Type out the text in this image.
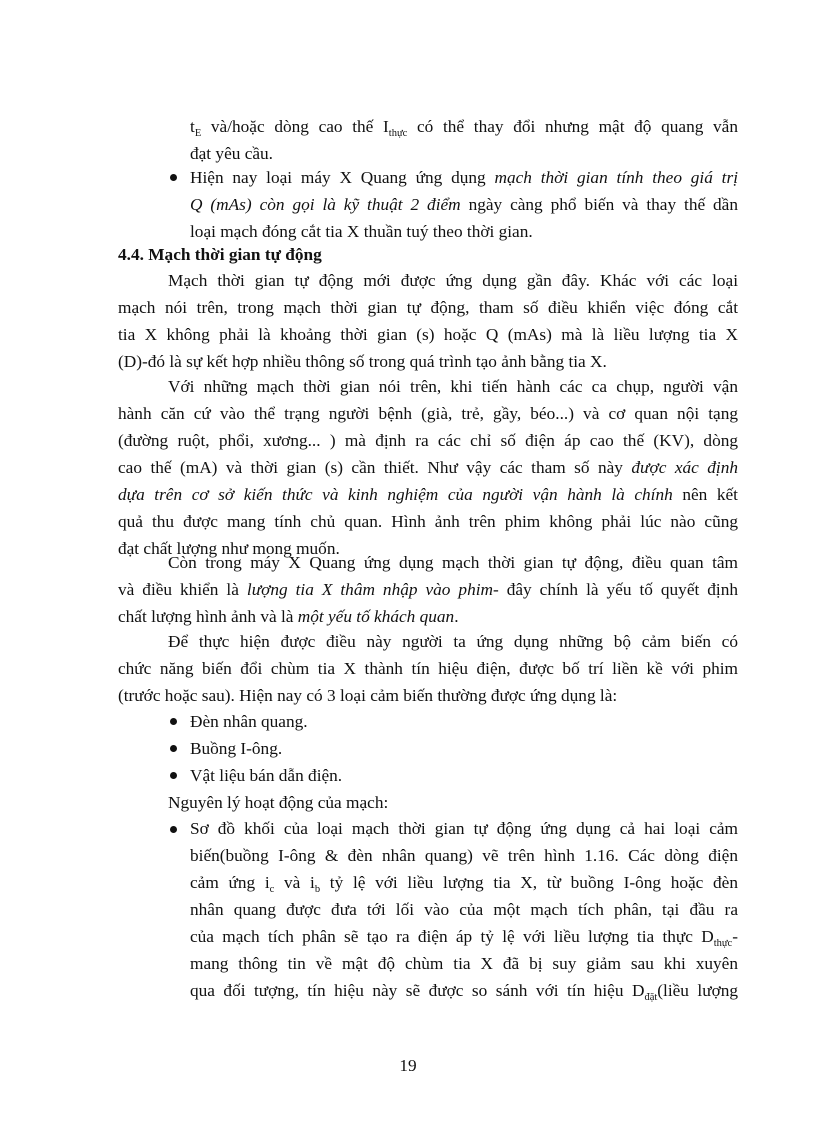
$t_E$ và/hoặc dòng cao thế $I_{thực}$ có thể thay đổi nhưng mật độ quang vẫn
đạt yêu cầu.

Hiện nay loại máy X Quang ứng dụng mạch thời gian tính theo giá trị
Q (mAs) còn gọi là kỹ thuật 2 điểm ngày càng phổ biến và thay thế dần
loại mạch đóng cắt tia X thuần tuý theo thời gian.

4.4. Mạch thời gian tự động

Mạch thời gian tự động mới được ứng dụng gần đây. Khác với các loại
mạch nói trên, trong mạch thời gian tự động, tham số điều khiển việc đóng cắt
tia X không phải là khoảng thời gian (s) hoặc Q (mAs) mà là liều lượng tia X
(D)-đó là sự kết hợp nhiều thông số trong quá trình tạo ảnh bằng tia X.

Với những mạch thời gian nói trên, khi tiến hành các ca chụp, người vận
hành căn cứ vào thể trạng người bệnh (già, trẻ, gầy, béo...) và cơ quan nội tạng
(đường ruột, phổi, xương... ) mà định ra các chỉ số điện áp cao thế (KV), dòng
cao thế (mA) và thời gian (s) cần thiết. Như vậy các tham số này được xác định
dựa trên cơ sở kiến thức và kinh nghiệm của người vận hành là chính nên kết
quả thu được mang tính chủ quan. Hình ảnh trên phim không phải lúc nào cũng
đạt chất lượng như mong muốn.

Còn trong máy X Quang ứng dụng mạch thời gian tự động, điều quan tâm
và điều khiển là lượng tia X thâm nhập vào phim- đây chính là yếu tố quyết định
chất lượng hình ảnh và là một yếu tố khách quan.

Để thực hiện được điều này người ta ứng dụng những bộ cảm biến có
chức năng biến đổi chùm tia X thành tín hiệu điện, được bố trí liền kề với phim
(trước hoặc sau). Hiện nay có 3 loại cảm biến thường được ứng dụng là:

Đèn nhân quang.

Buồng I-ông.

Vật liệu bán dẫn điện.

Nguyên lý hoạt động của mạch:

Sơ đồ khối của loại mạch thời gian tự động ứng dụng cả hai loại cảm
biến(buồng I-ông & đèn nhân quang) vẽ trên hình 1.16. Các dòng điện
cảm ứng $i_c$ và $i_b$ tỷ lệ với liều lượng tia X, từ buồng I-ông hoặc đèn
nhân quang được đưa tới lối vào của một mạch tích phân, tại đầu ra
của mạch tích phân sẽ tạo ra điện áp tỷ lệ với liều lượng tia thực $D_{thực}-$
mang thông tin về mật độ chùm tia X đã bị suy giảm sau khi xuyên
qua đối tượng, tín hiệu này sẽ được so sánh với tín hiệu $D_{đặt}(liều$ lượng

19
